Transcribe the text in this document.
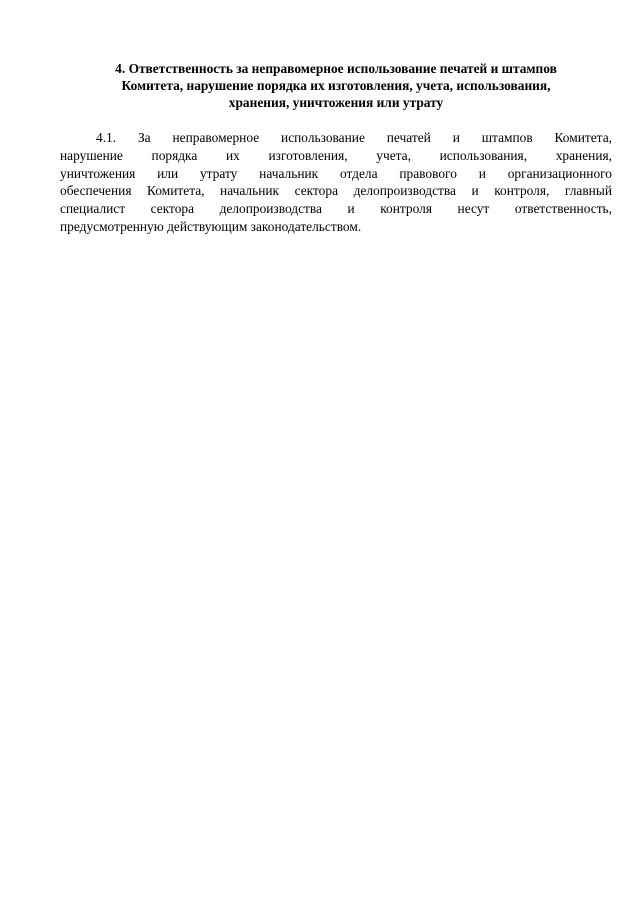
4. Ответственность за неправомерное использование печатей и штампов
Комитета, нарушение порядка их изготовления, учета, использования,
хранения, уничтожения или утрату
4.1. За неправомерное использование печатей и штампов Комитета,
нарушение порядка их изготовления, учета, использования, хранения,
уничтожения или утрату начальник отдела правового и организационного
обеспечения Комитета, начальник сектора делопроизводства и контроля, главный
специалист сектора делопроизводства и контроля несут ответственность,
предусмотренную действующим законодательством.
